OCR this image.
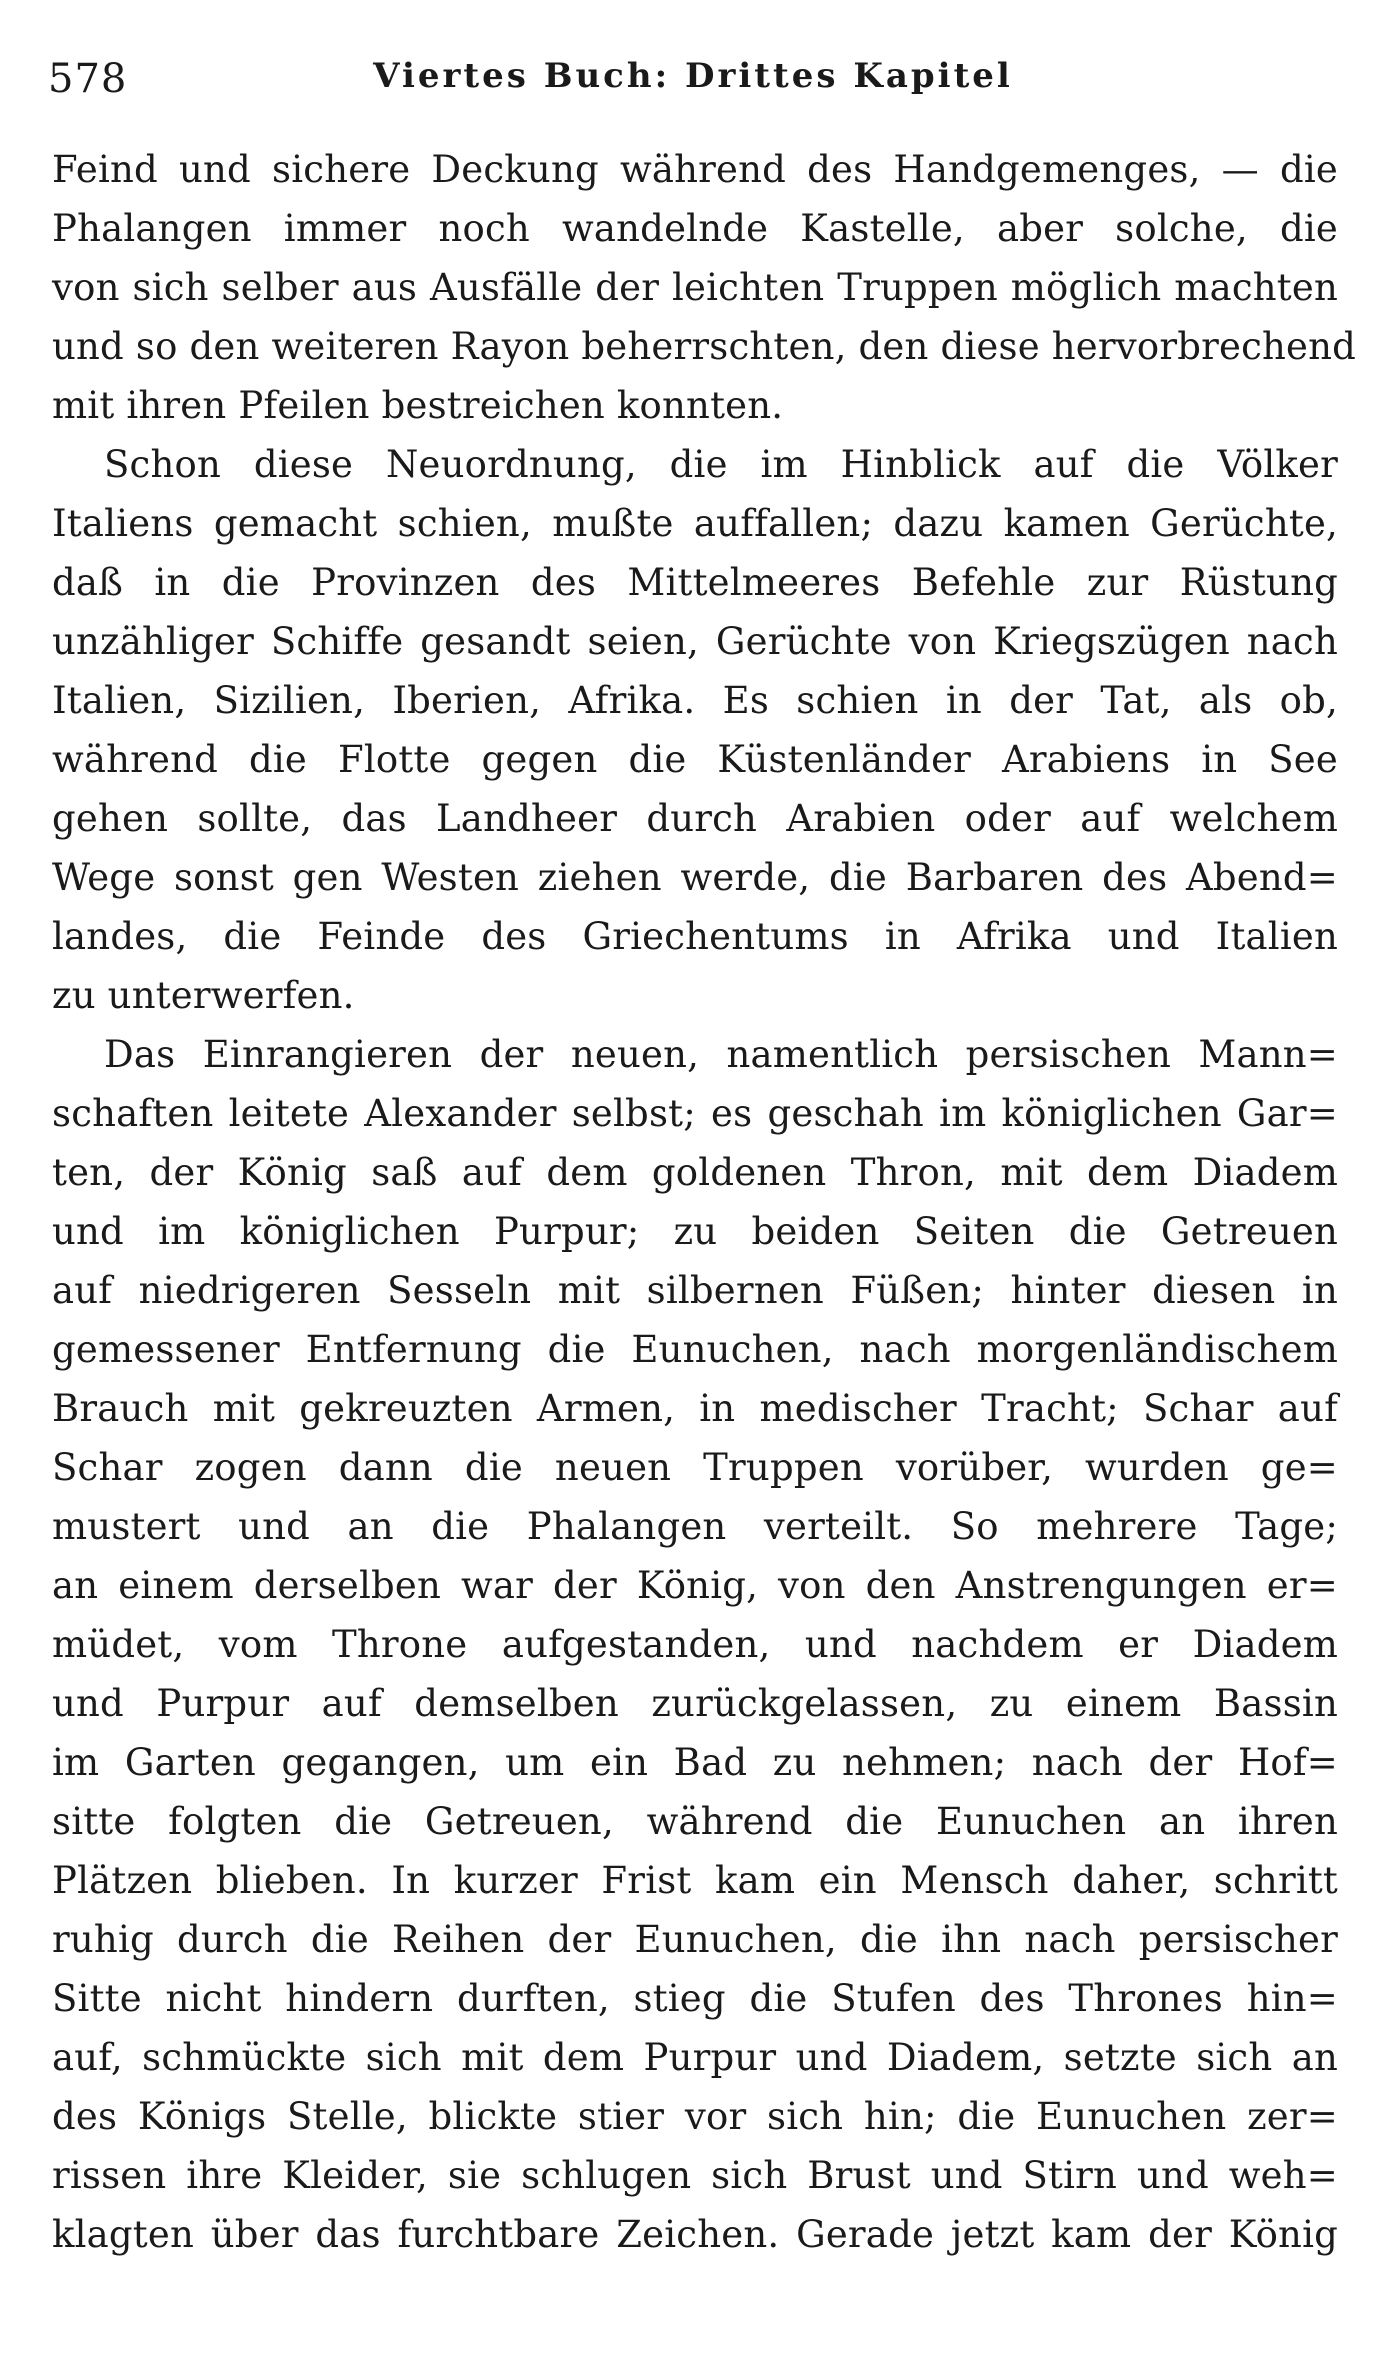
578	Viertes Buch: Drittes Kapitel
Feind und sichere Deckung während des Handgemenges, — die
Phalangen immer noch wandelnde Kastelle, aber solche, die
von sich selber aus Ausfälle der leichten Truppen möglich machten
und so den weiteren Rayon beherrschten, den diese hervorbrechend
mit ihren Pfeilen bestreichen konnten.
Schon diese Neuordnung, die im Hinblick auf die Völker
Italiens gemacht schien, mußte auffallen; dazu kamen Gerüchte,
daß in die Provinzen des Mittelmeeres Befehle zur Rüstung
unzähliger Schiffe gesandt seien, Gerüchte von Kriegszügen nach
Italien, Sizilien, Iberien, Afrika. Es schien in der Tat, als ob,
während die Flotte gegen die Küstenländer Arabiens in See
gehen sollte, das Landheer durch Arabien oder auf welchem
Wege sonst gen Westen ziehen werde, die Barbaren des Abend=
landes, die Feinde des Griechentums in Afrika und Italien
zu unterwerfen.
Das Einrangieren der neuen, namentlich persischen Mann=
schaften leitete Alexander selbst; es geschah im königlichen Gar=
ten, der König saß auf dem goldenen Thron, mit dem Diadem
und im königlichen Purpur; zu beiden Seiten die Getreuen
auf niedrigeren Sesseln mit silbernen Füßen; hinter diesen in
gemessener Entfernung die Eunuchen, nach morgenländischem
Brauch mit gekreuzten Armen, in medischer Tracht; Schar auf
Schar zogen dann die neuen Truppen vorüber, wurden ge=
mustert und an die Phalangen verteilt. So mehrere Tage;
an einem derselben war der König, von den Anstrengungen er=
müdet, vom Throne aufgestanden, und nachdem er Diadem
und Purpur auf demselben zurückgelassen, zu einem Bassin
im Garten gegangen, um ein Bad zu nehmen; nach der Hof=
sitte folgten die Getreuen, während die Eunuchen an ihren
Plätzen blieben. In kurzer Frist kam ein Mensch daher, schritt
ruhig durch die Reihen der Eunuchen, die ihn nach persischer
Sitte nicht hindern durften, stieg die Stufen des Thrones hin=
auf, schmückte sich mit dem Purpur und Diadem, setzte sich an
des Königs Stelle, blickte stier vor sich hin; die Eunuchen zer=
rissen ihre Kleider, sie schlugen sich Brust und Stirn und weh=
klagten über das furchtbare Zeichen. Gerade jetzt kam der König
